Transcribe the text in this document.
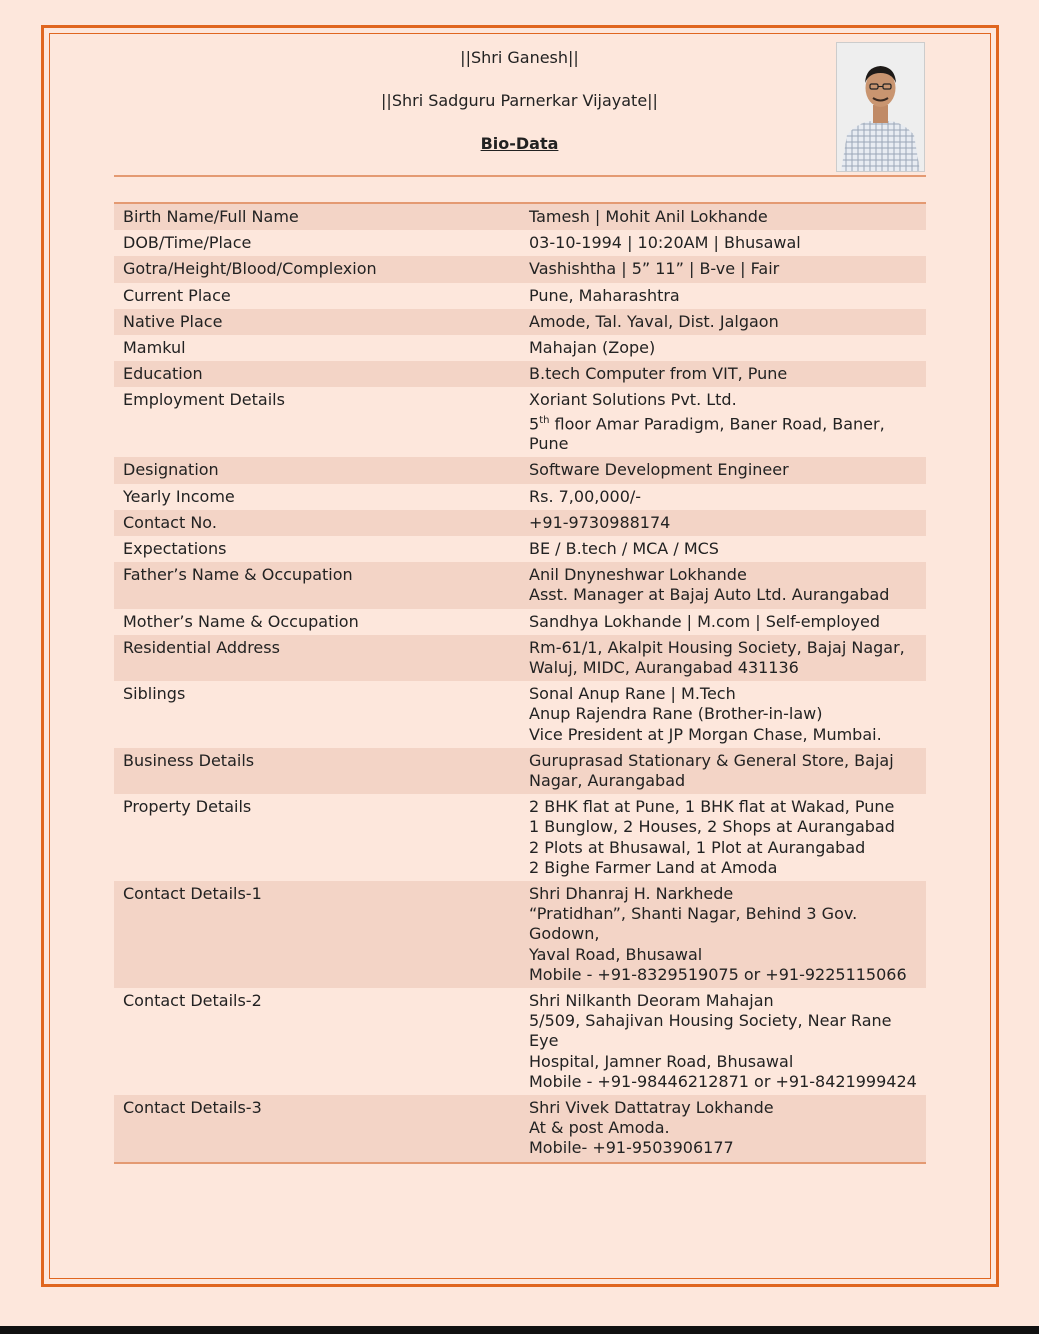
||Shri Ganesh||
||Shri Sadguru Parnerkar Vijayate||
Bio-Data
Birth Name/Full Name	Tamesh | Mohit Anil Lokhande

DOB/Time/Place	03-10-1994 | 10:20AM | Bhusawal

Gotra/Height/Blood/Complexion	Vashishtha | 5” 11” | B-ve | Fair

Current Place	Pune, Maharashtra

Native Place	Amode, Tal. Yaval, Dist. Jalgaon

Mamkul	Mahajan (Zope)

Education	B.tech Computer from VIT, Pune

Employment Details	Xoriant Solutions Pvt. Ltd.
5th floor Amar Paradigm, Baner Road, Baner, Pune

Designation	Software Development Engineer

Yearly Income	Rs. 7,00,000/-

Contact No.	+91-9730988174

Expectations	BE / B.tech / MCA / MCS

Father’s Name & Occupation	Anil Dnyneshwar Lokhande
Asst. Manager at Bajaj Auto Ltd. Aurangabad

Mother’s Name & Occupation	Sandhya Lokhande | M.com | Self-employed

Residential Address	Rm-61/1, Akalpit Housing Society, Bajaj Nagar,
Waluj, MIDC, Aurangabad 431136

Siblings	Sonal Anup Rane | M.Tech
Anup Rajendra Rane (Brother-in-law)
Vice President at JP Morgan Chase, Mumbai.

Business Details	Guruprasad Stationary & General Store, Bajaj
Nagar, Aurangabad

Property Details	2 BHK flat at Pune, 1 BHK flat at Wakad, Pune
1 Bunglow, 2 Houses, 2 Shops at Aurangabad
2 Plots at Bhusawal, 1 Plot at Aurangabad
2 Bighe Farmer Land at Amoda

Contact Details-1	Shri Dhanraj H. Narkhede
“Pratidhan”, Shanti Nagar, Behind 3 Gov. Godown,
Yaval Road, Bhusawal
Mobile - +91-8329519075 or +91-9225115066

Contact Details-2	Shri Nilkanth Deoram Mahajan
5/509, Sahajivan Housing Society, Near Rane Eye
Hospital, Jamner Road, Bhusawal
Mobile - +91-98446212871 or +91-8421999424

Contact Details-3	Shri Vivek Dattatray Lokhande
At & post Amoda.
Mobile- +91-9503906177
